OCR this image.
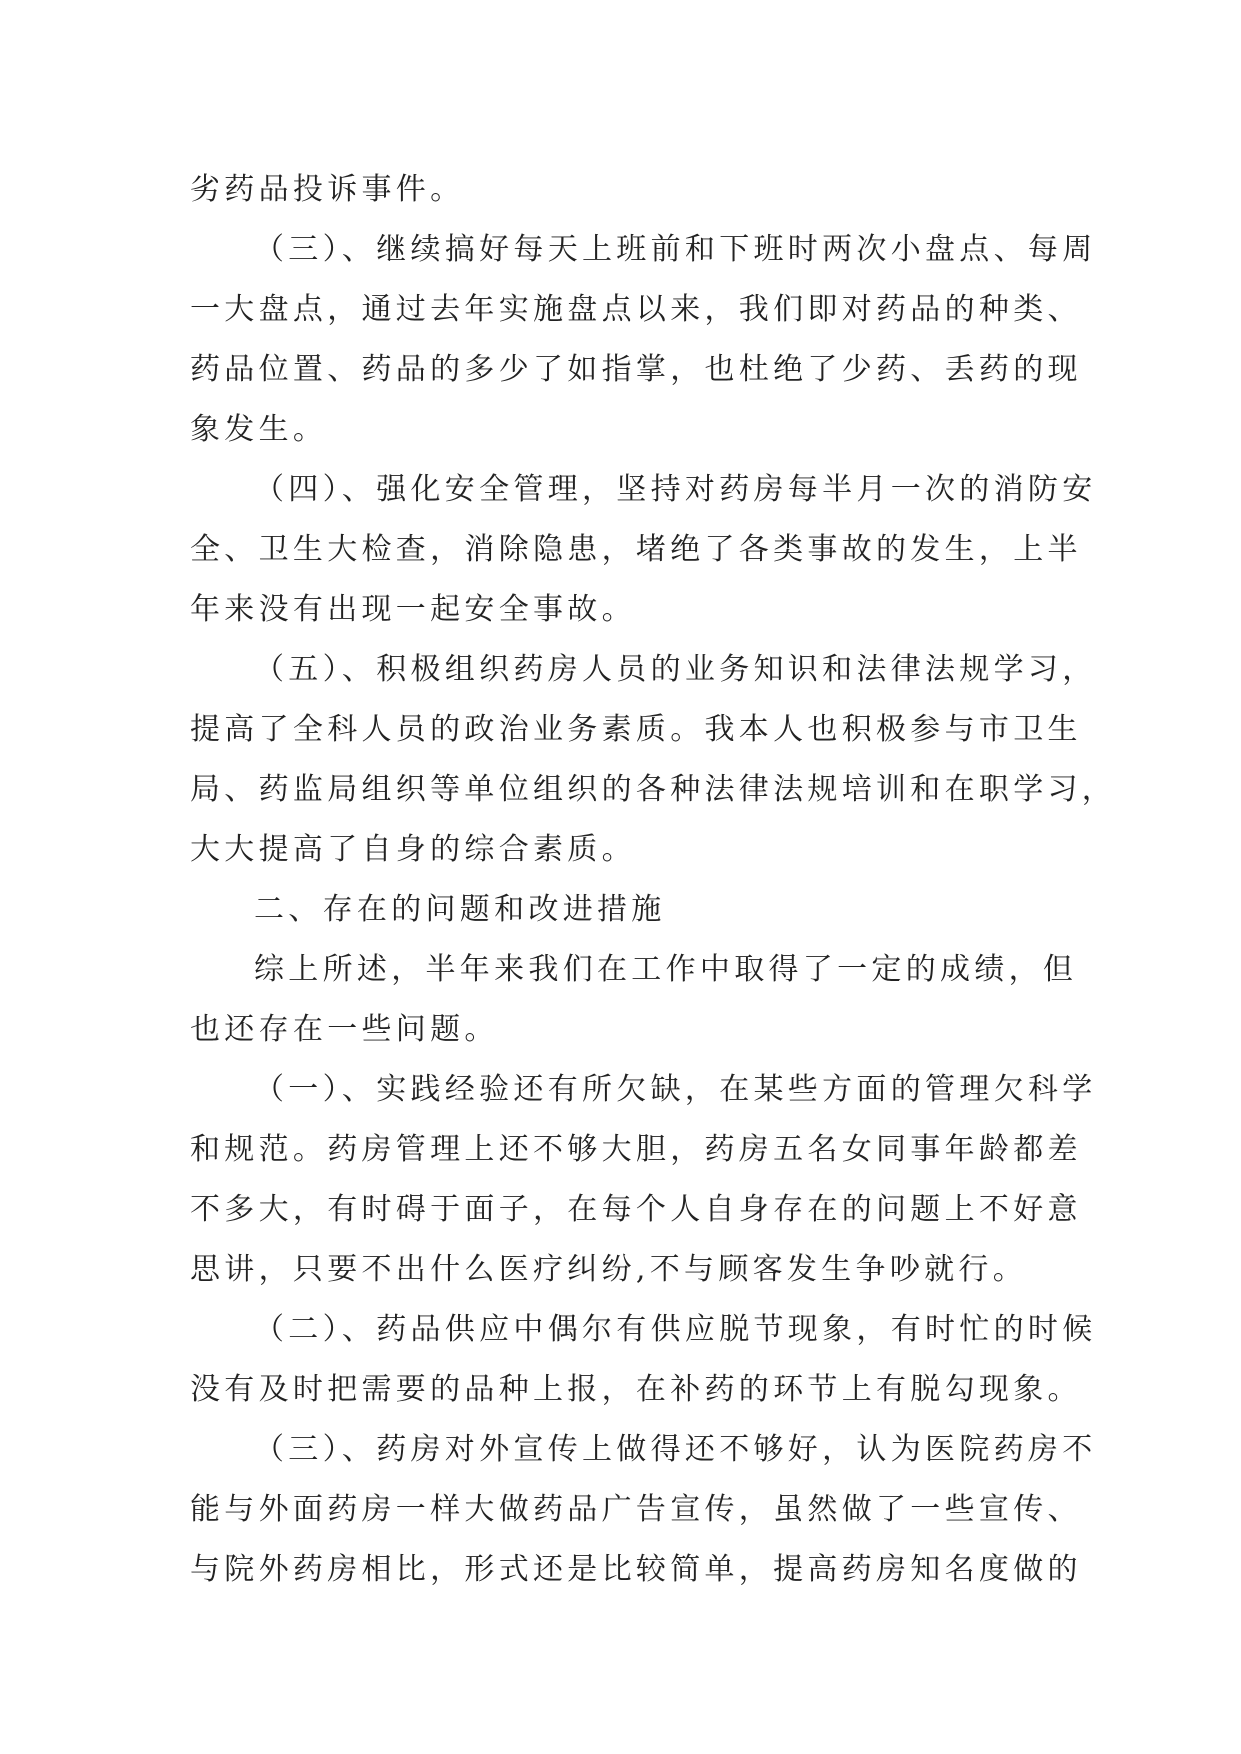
劣药品投诉事件。
（三）、继续搞好每天上班前和下班时两次小盘点、每周
一大盘点，通过去年实施盘点以来，我们即对药品的种类、
药品位置、药品的多少了如指掌，也杜绝了少药、丢药的现
象发生。
（四）、强化安全管理，坚持对药房每半月一次的消防安
全、卫生大检查，消除隐患，堵绝了各类事故的发生，上半
年来没有出现一起安全事故。
（五）、积极组织药房人员的业务知识和法律法规学习，
提高了全科人员的政治业务素质。我本人也积极参与市卫生
局、药监局组织等单位组织的各种法律法规培训和在职学习，
大大提高了自身的综合素质。
二、存在的问题和改进措施
综上所述，半年来我们在工作中取得了一定的成绩，但
也还存在一些问题。
（一）、实践经验还有所欠缺，在某些方面的管理欠科学
和规范。药房管理上还不够大胆，药房五名女同事年龄都差
不多大，有时碍于面子，在每个人自身存在的问题上不好意
思讲，只要不出什么医疗纠纷,不与顾客发生争吵就行。
（二）、药品供应中偶尔有供应脱节现象，有时忙的时候
没有及时把需要的品种上报，在补药的环节上有脱勾现象。
（三）、药房对外宣传上做得还不够好，认为医院药房不
能与外面药房一样大做药品广告宣传，虽然做了一些宣传、
与院外药房相比，形式还是比较简单，提高药房知名度做的
